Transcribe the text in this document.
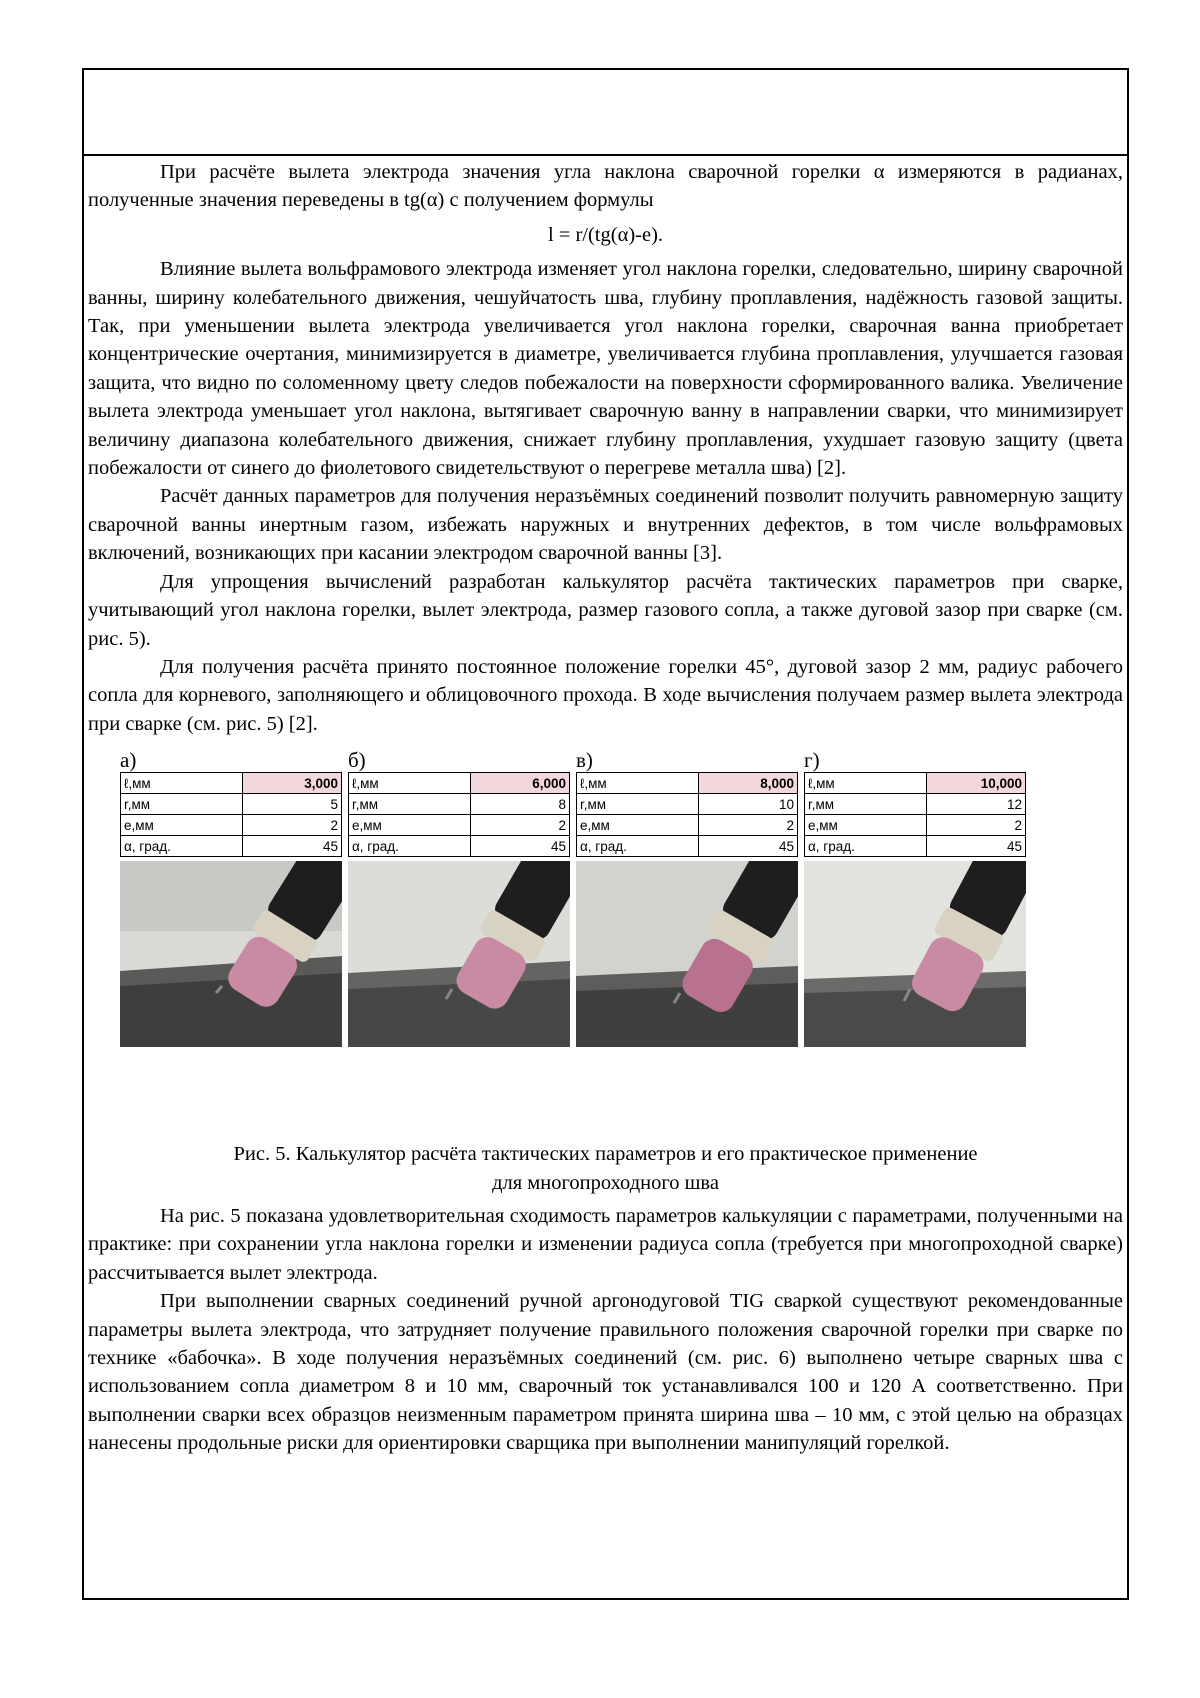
При расчёте вылета электрода значения угла наклона сварочной горелки α измеряются в радианах, полученные значения переведены в tg(α) с получением формулы

l = r/(tg(α)-e).

Влияние вылета вольфрамового электрода изменяет угол наклона горелки, следовательно, ширину сварочной ванны, ширину колебательного движения, чешуйчатость шва, глубину проплавления, надёжность газовой защиты. Так, при уменьшении вылета электрода увеличивается угол наклона горелки, сварочная ванна приобретает концентрические очертания, минимизируется в диаметре, увеличивается глубина проплавления, улучшается газовая защита, что видно по соломенному цвету следов побежалости на поверхности сформированного валика. Увеличение вылета электрода уменьшает угол наклона, вытягивает сварочную ванну в направлении сварки, что минимизирует величину диапазона колебательного движения, снижает глубину проплавления, ухудшает газовую защиту (цвета побежалости от синего до фиолетового свидетельствуют о перегреве металла шва) [2].

Расчёт данных параметров для получения неразъёмных соединений позволит получить равномерную защиту сварочной ванны инертным газом, избежать наружных и внутренних дефектов, в том числе вольфрамовых включений, возникающих при касании электродом сварочной ванны [3].

Для упрощения вычислений разработан калькулятор расчёта тактических параметров при сварке, учитывающий угол наклона горелки, вылет электрода, размер газового сопла, а также дуговой зазор при сварке (см. рис. 5).

Для получения расчёта принято постоянное положение горелки 45°, дуговой зазор 2 мм, радиус рабочего сопла для корневого, заполняющего и облицовочного прохода. В ходе вычисления получаем размер вылета электрода при сварке (см. рис. 5) [2].

а)
ℓ,мм	3,000
r,мм	5
e,мм	2
α, град.	45
б)
ℓ,мм	6,000
r,мм	8
e,мм	2
α, град.	45
в)
ℓ,мм	8,000
r,мм	10
e,мм	2
α, град.	45
г)
ℓ,мм	10,000
r,мм	12
e,мм	2
α, град.	45

Рис. 5. Калькулятор расчёта тактических параметров и его практическое применение

для многопроходного шва

На рис. 5 показана удовлетворительная сходимость параметров калькуляции с параметрами, полученными на практике: при сохранении угла наклона горелки и изменении радиуса сопла (требуется при многопроходной сварке) рассчитывается вылет электрода.

При выполнении сварных соединений ручной аргонодуговой TIG сваркой существуют рекомендованные параметры вылета электрода, что затрудняет получение правильного положения сварочной горелки при сварке по технике «бабочка». В ходе получения неразъёмных соединений (см. рис. 6) выполнено четыре сварных шва с использованием сопла диаметром 8 и 10 мм, сварочный ток устанавливался 100 и 120 А соответственно. При выполнении сварки всех образцов неизменным параметром принята ширина шва – 10 мм, с этой целью на образцах нанесены продольные риски для ориентировки сварщика при выполнении манипуляций горелкой.
